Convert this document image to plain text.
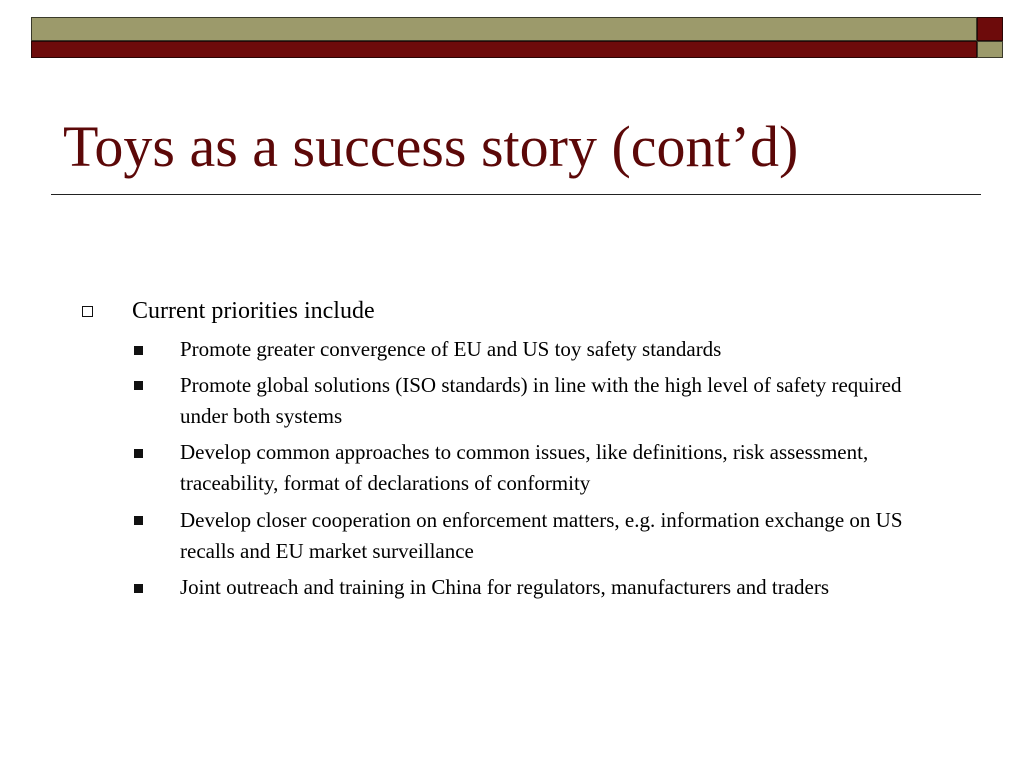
Toys as a success story (cont’d)
Current priorities include
Promote greater convergence of EU and US toy safety standards
Promote global solutions (ISO standards) in line with the high level of safety required under both systems
Develop common approaches to common issues, like definitions, risk assessment, traceability, format of declarations of conformity
Develop closer cooperation on enforcement matters, e.g. information exchange on US recalls and EU market surveillance
Joint outreach and training in China for regulators, manufacturers and traders
